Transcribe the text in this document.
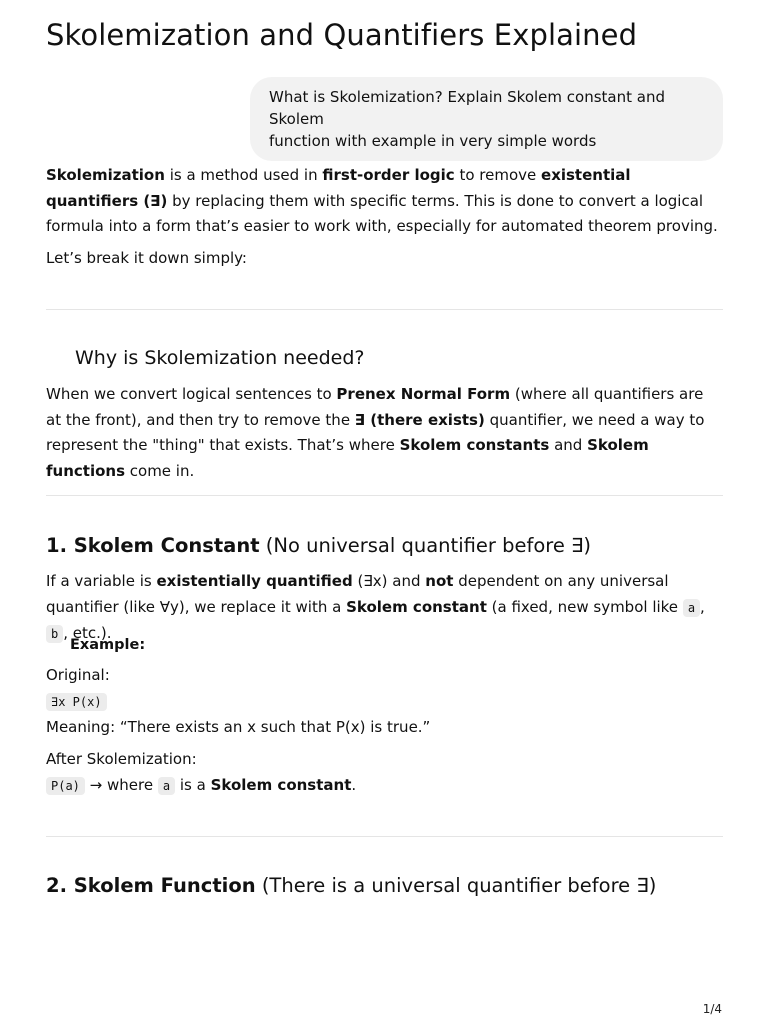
Skolemization and Quantifiers Explained
What is Skolemization? Explain Skolem constant and
Skolem
function with example in very simple words

Skolemization is a method used in first-order logic to remove existential quantifiers (∃) by replacing them with specific terms. This is done to convert a logical formula into a form that’s easier to work with, especially for automated theorem proving.

Let’s break it down simply:

Why is Skolemization needed?

When we convert logical sentences to Prenex Normal Form (where all quantifiers are at the front), and then try to remove the ∃ (there exists) quantifier, we need a way to represent the "thing" that exists. That’s where Skolem constants and Skolem functions come in.

1. Skolem Constant (No universal quantifier before ∃)

If a variable is existentially quantified (∃x) and not dependent on any universal quantifier (like ∀y), we replace it with a Skolem constant (a fixed, new symbol like a , b , etc.).

Example:

Original:

∃x P(x)

Meaning: “There exists an x such that P(x) is true.”

After Skolemization:

P(a) → where a is a Skolem constant.

2. Skolem Function (There is a universal quantifier before ∃)
1/4
